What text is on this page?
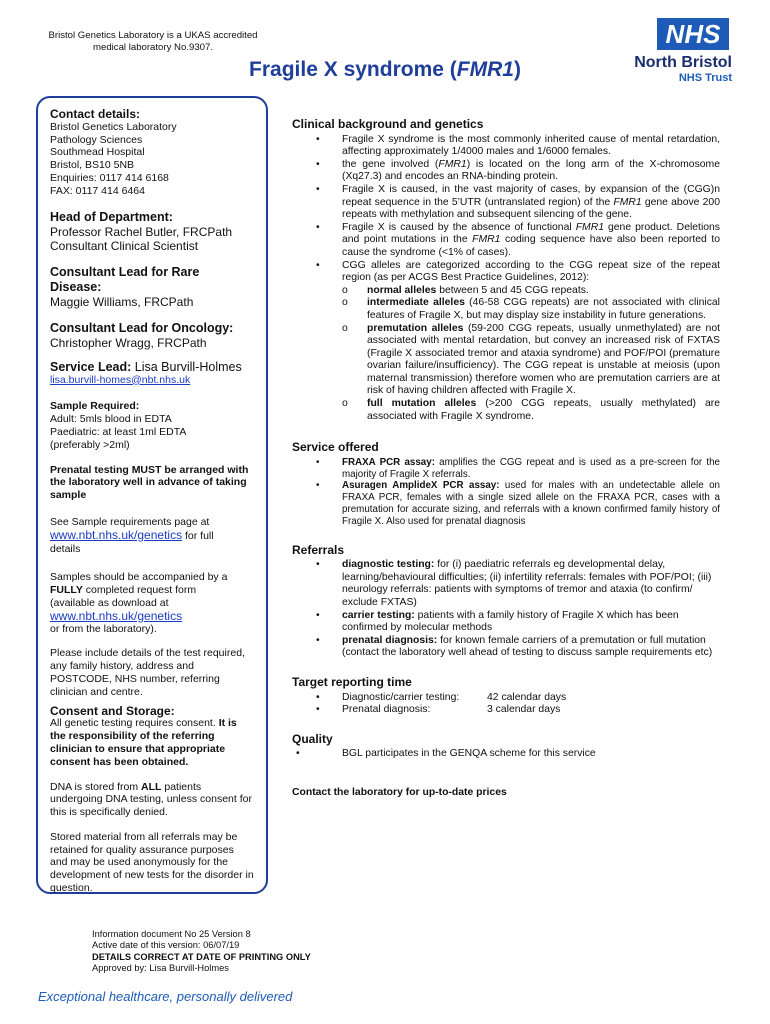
Bristol Genetics Laboratory is a UKAS accredited
medical laboratory No.9307.
Fragile X syndrome (FMR1)
NHS
North Bristol
NHS Trust

Contact details:

Bristol Genetics Laboratory

Pathology Sciences

Southmead Hospital

Bristol, BS10 5NB

Enquiries: 0117 414 6168

FAX: 0117 414 6464

Head of Department:

Professor Rachel Butler, FRCPath

Consultant Clinical Scientist

Consultant Lead for Rare Disease:

Maggie Williams, FRCPath

Consultant Lead for Oncology:

Christopher Wragg, FRCPath

Service Lead: Lisa Burvill-Holmes

lisa.burvill-homes@nbt.nhs.uk

Sample Required:

Adult: 5mls blood in EDTA

Paediatric: at least 1ml EDTA

(preferably >2ml)

Prenatal testing MUST be arranged with the laboratory well in advance of taking sample

See Sample requirements page at

www.nbt.nhs.uk/genetics for full

details

Samples should be accompanied by a

FULLY completed request form

(available as download at

www.nbt.nhs.uk/genetics

or from the laboratory).

Please include details of the test required, any family history, address and POSTCODE, NHS number, referring clinician and centre.

Consent and Storage:

All genetic testing requires consent. It is the responsibility of the referring clinician to ensure that appropriate consent has been obtained.

DNA is stored from ALL patients undergoing DNA testing, unless consent for this is specifically denied.

Stored material from all referrals may be retained for quality assurance purposes and may be used anonymously for the development of new tests for the disorder in question.

Clinical background and genetics
• Fragile X syndrome is the most commonly inherited cause of mental retardation, affecting approximately 1/4000 males and 1/6000 females.
• the gene involved (FMR1) is located on the long arm of the X-chromosome (Xq27.3) and encodes an RNA-binding protein.
• Fragile X is caused, in the vast majority of cases, by expansion of the (CGG)n repeat sequence in the 5’UTR (untranslated region) of the FMR1 gene above 200 repeats with methylation and subsequent silencing of the gene.
• Fragile X is caused by the absence of functional FMR1 gene product. Deletions and point mutations in the FMR1 coding sequence have also been reported to cause the syndrome (<1% of cases).
• CGG alleles are categorized according to the CGG repeat size of the repeat region (as per ACGS Best Practice Guidelines, 2012):
o normal alleles between 5 and 45 CGG repeats.
o intermediate alleles (46-58 CGG repeats) are not associated with clinical features of Fragile X, but may display size instability in future generations.
o premutation alleles (59-200 CGG repeats, usually unmethylated) are not associated with mental retardation, but convey an increased risk of FXTAS (Fragile X associated tremor and ataxia syndrome) and POF/POI (premature ovarian failure/insufficiency). The CGG repeat is unstable at meiosis (upon maternal transmission) therefore women who are premutation carriers are at risk of having children affected with Fragile X.
o full mutation alleles (>200 CGG repeats, usually methylated) are associated with Fragile X syndrome.
Service offered
• FRAXA PCR assay: amplifies the CGG repeat and is used as a pre-screen for the majority of Fragile X referrals.
• Asuragen AmplideX PCR assay: used for males with an undetectable allele on FRAXA PCR, females with a single sized allele on the FRAXA PCR, cases with a premutation for accurate sizing, and referrals with a known confirmed family history of Fragile X. Also used for prenatal diagnosis
Referrals
• diagnostic testing: for (i) paediatric referrals eg developmental delay, learning/behavioural difficulties; (ii) infertility referrals: females with POF/POI; (iii) neurology referrals: patients with symptoms of tremor and ataxia (to confirm/ exclude FXTAS)
• carrier testing: patients with a family history of Fragile X which has been confirmed by molecular methods
• prenatal diagnosis: for known female carriers of a premutation or full mutation (contact the laboratory well ahead of testing to discuss sample requirements etc)
Target reporting time
• Diagnostic/carrier testing:	42 calendar days
• Prenatal diagnosis:	3 calendar days
Quality
•	BGL participates in the GENQA scheme for this service

Contact the laboratory for up-to-date prices

Information document No 25 Version 8
Active date of this version: 06/07/19
DETAILS CORRECT AT DATE OF PRINTING ONLY
Approved by: Lisa Burvill-Holmes
Exceptional healthcare, personally delivered
